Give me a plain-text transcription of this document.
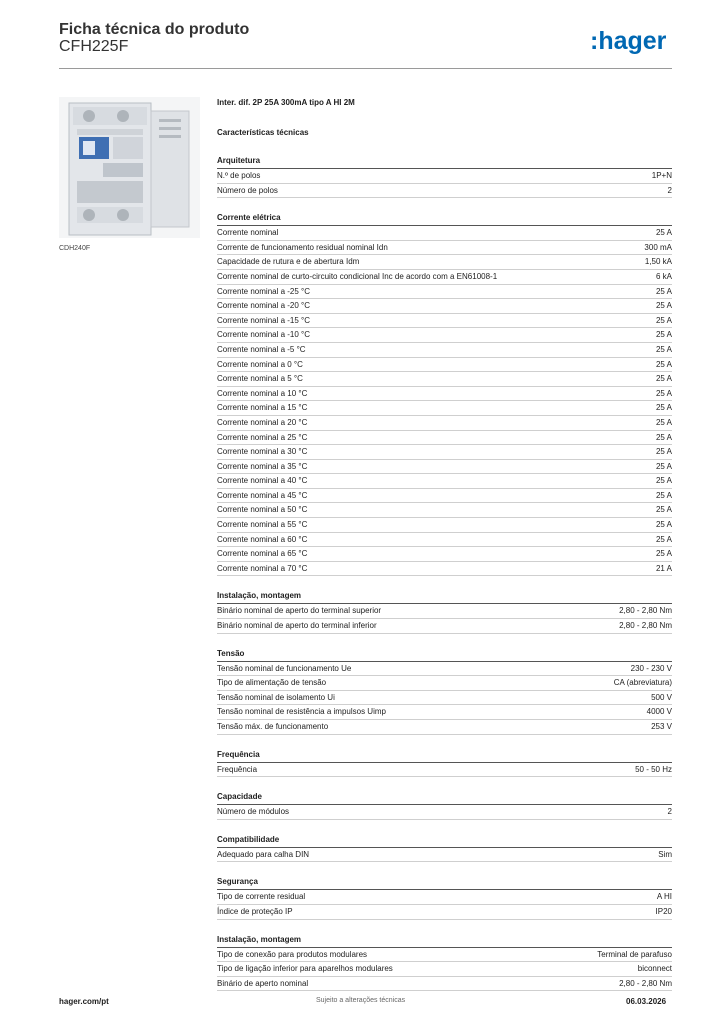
Ficha técnica do produto
CFH225F	:hager
CDH240F
Inter. dif. 2P 25A 300mA tipo A HI 2M
Características técnicas
Arquitetura
N.º de polos	1P+N
Número de polos	2
Corrente elétrica
Corrente nominal	25 A
Corrente de funcionamento residual nominal Idn	300 mA
Capacidade de rutura e de abertura Idm	1,50 kA
Corrente nominal de curto-circuito condicional Inc de acordo com a EN61008-1	6 kA
Corrente nominal a -25 °C	25 A
Corrente nominal a -20 °C	25 A
Corrente nominal a -15 °C	25 A
Corrente nominal a -10 °C	25 A
Corrente nominal a -5 °C	25 A
Corrente nominal a 0 °C	25 A
Corrente nominal a 5 °C	25 A
Corrente nominal a 10 °C	25 A
Corrente nominal a 15 °C	25 A
Corrente nominal a 20 °C	25 A
Corrente nominal a 25 °C	25 A
Corrente nominal a 30 °C	25 A
Corrente nominal a 35 °C	25 A
Corrente nominal a 40 °C	25 A
Corrente nominal a 45 °C	25 A
Corrente nominal a 50 °C	25 A
Corrente nominal a 55 °C	25 A
Corrente nominal a 60 °C	25 A
Corrente nominal a 65 °C	25 A
Corrente nominal a 70 °C	21 A
Instalação, montagem
Binário nominal de aperto do terminal superior	2,80 - 2,80 Nm
Binário nominal de aperto do terminal inferior	2,80 - 2,80 Nm
Tensão
Tensão nominal de funcionamento Ue	230 - 230 V
Tipo de alimentação de tensão	CA (abreviatura)
Tensão nominal de isolamento Ui	500 V
Tensão nominal de resistência a impulsos Uimp	4000 V
Tensão máx. de funcionamento	253 V
Frequência
Frequência	50 - 50 Hz
Capacidade
Número de módulos	2
Compatibilidade
Adequado para calha DIN	Sim
Segurança
Tipo de corrente residual	A HI
Índice de proteção IP	IP20
Instalação, montagem
Tipo de conexão para produtos modulares	Terminal de parafuso
Tipo de ligação inferior para aparelhos modulares	biconnect
Binário de aperto nominal	2,80 - 2,80 Nm
hager.com/pt	Sujeito a alterações técnicas	06.03.2026
